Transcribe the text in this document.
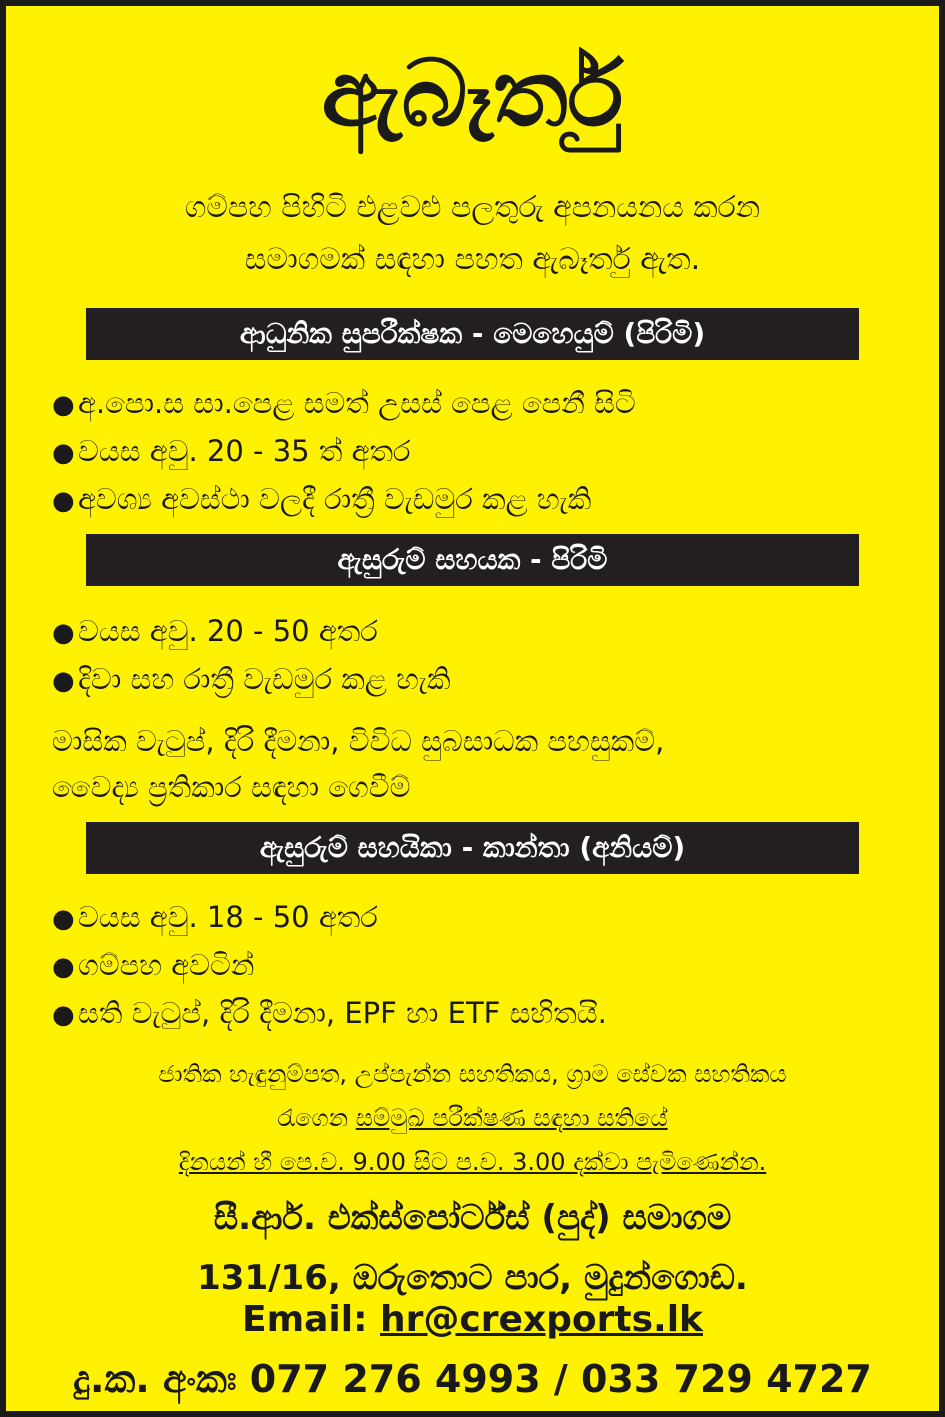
ඇබෑර්තු
ගම්පහ පිහිටි එළවළු පලතුරු අපනයනය කරන
සමාගමක් සඳහා පහත ඇබෑර්තු ඇත.
ආධුනික සුපරීක්ෂක - මෙහෙයුම් (පිරිමි)
● අ.පො.ස සා.පෙළ සමත් උසස් පෙළ පෙනී සිටි
● වයස අවු. 20 - 35 ත් අතර
● අවශ්‍ය අවස්ථා වලදී රාත්‍රී වැඩමුර කළ හැකි
ඇසුරුම් සහයක - පිරිමි
● වයස අවු. 20 - 50 අතර
● දිවා සහ රාත්‍රී වැඩමුර කළ හැකි
මාසික වැටුප්, දිරි දීමනා, විවිධ සුබසාධක පහසුකම්,
වෛද්‍ය ප්‍රතිකාර සඳහා ගෙවීම්
ඇසුරුම් සහයිකා - කාන්තා (අනියම්)
● වයස අවු. 18 - 50 අතර
● ගම්පහ අවටින්
● සති වැටුප්, දිරි දීමනා, EPF හා ETF සහිතයි.
ජාතික හැඳුනුම්පත, උප්පැන්න සහතිකය, ග්‍රාම සේවක සහතිකය
රැගෙන සම්මුඛ පරීක්ෂණ සඳහා සතියේ
දිනයන් හී පෙ.ව. 9.00 සිට ප.ව. 3.00 දක්වා පැමිණෙන්න.
සී.ආර්. එක්ස්පෝර්ට්ස් (පුද්) සමාගම
131/16, ඔරුතොට පාර, මුදුන්ගොඩ.
Email: hr@crexports.lk
දු.ක. අංකඃ 077 276 4993 / 033 729 4727
